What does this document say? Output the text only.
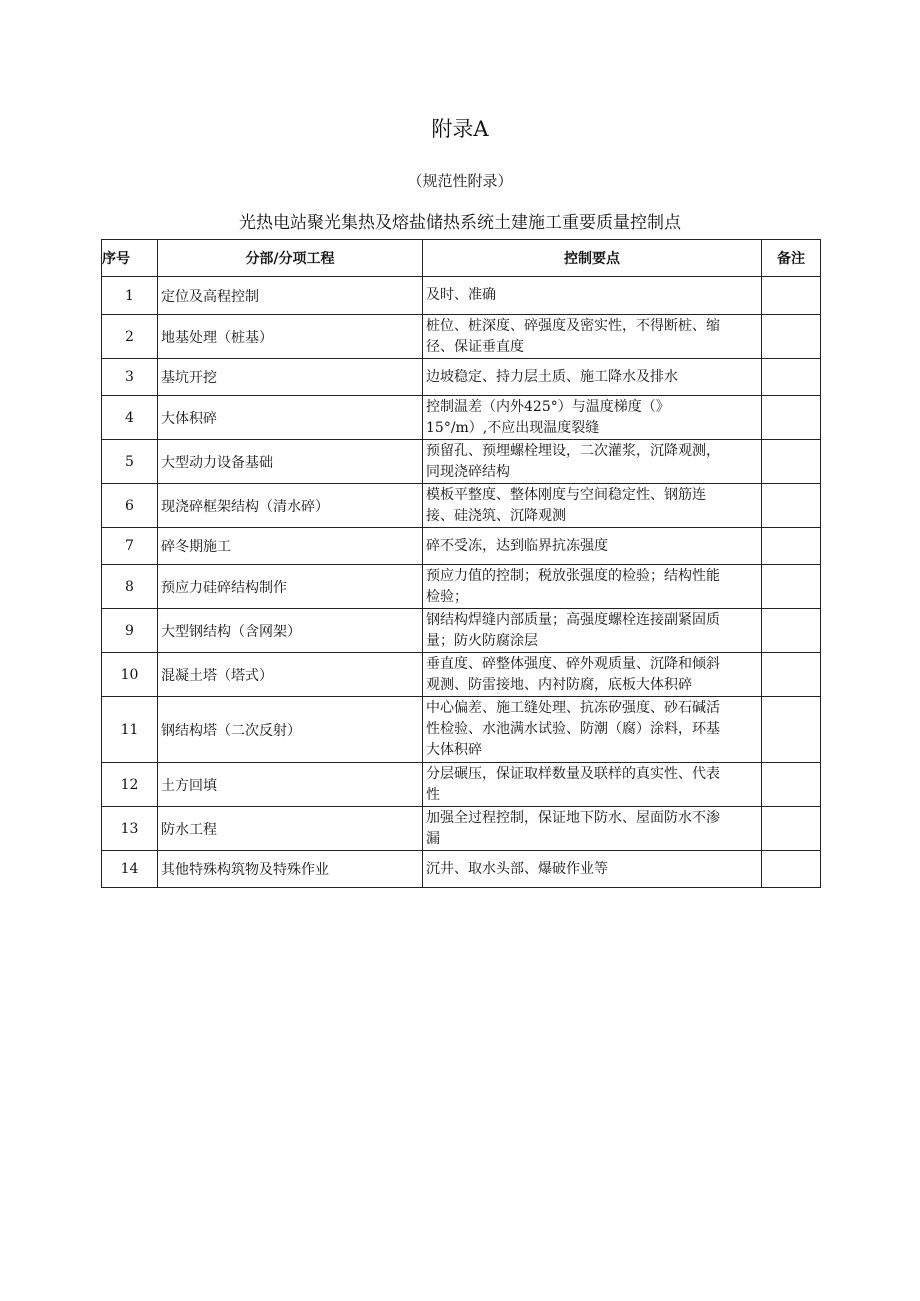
附录A
（规范性附录）
光热电站聚光集热及熔盐储热系统土建施工重要质量控制点
序号	分部/分项工程	控制要点	备注
1	定位及高程控制	及时、准确	
2	地基处理（桩基）	桩位、桩深度、碎强度及密实性，不得断桩、缩
径、保证垂直度	
3	基坑开挖	边坡稳定、持力层土质、施工降水及排水	
4	大体积碎	控制温差（内外425°）与温度梯度（》
15°/m）,不应出现温度裂缝	
5	大型动力设备基础	预留孔、预埋螺栓埋设，二次灌浆，沉降观测，
同现浇碎结构	
6	现浇碎框架结构（清水碎）	模板平整度、整体刚度与空间稳定性、钢筋连
接、硅浇筑、沉降观测	
7	碎冬期施工	碎不受冻，达到临界抗冻强度	
8	预应力硅碎结构制作	预应力值的控制；税放张强度的检验；结构性能
检验；	
9	大型钢结构（含网架）	钢结构焊缝内部质量；高强度螺栓连接副紧固质
量；防火防腐涂层	
10	混凝土塔（塔式）	垂直度、碎整体强度、碎外观质量、沉降和倾斜
观测、防雷接地、内衬防腐，底板大体积碎	
11	钢结构塔（二次反射）	中心偏差、施工缝处理、抗冻矽强度、砂石碱活
性检验、水池满水试验、防潮（腐）涂料，环基
大体积碎	
12	土方回填	分层碾压，保证取样数量及联样的真实性、代表
性	
13	防水工程	加强全过程控制，保证地下防水、屋面防水不渗
漏	
14	其他特殊构筑物及特殊作业	沉井、取水头部、爆破作业等	
